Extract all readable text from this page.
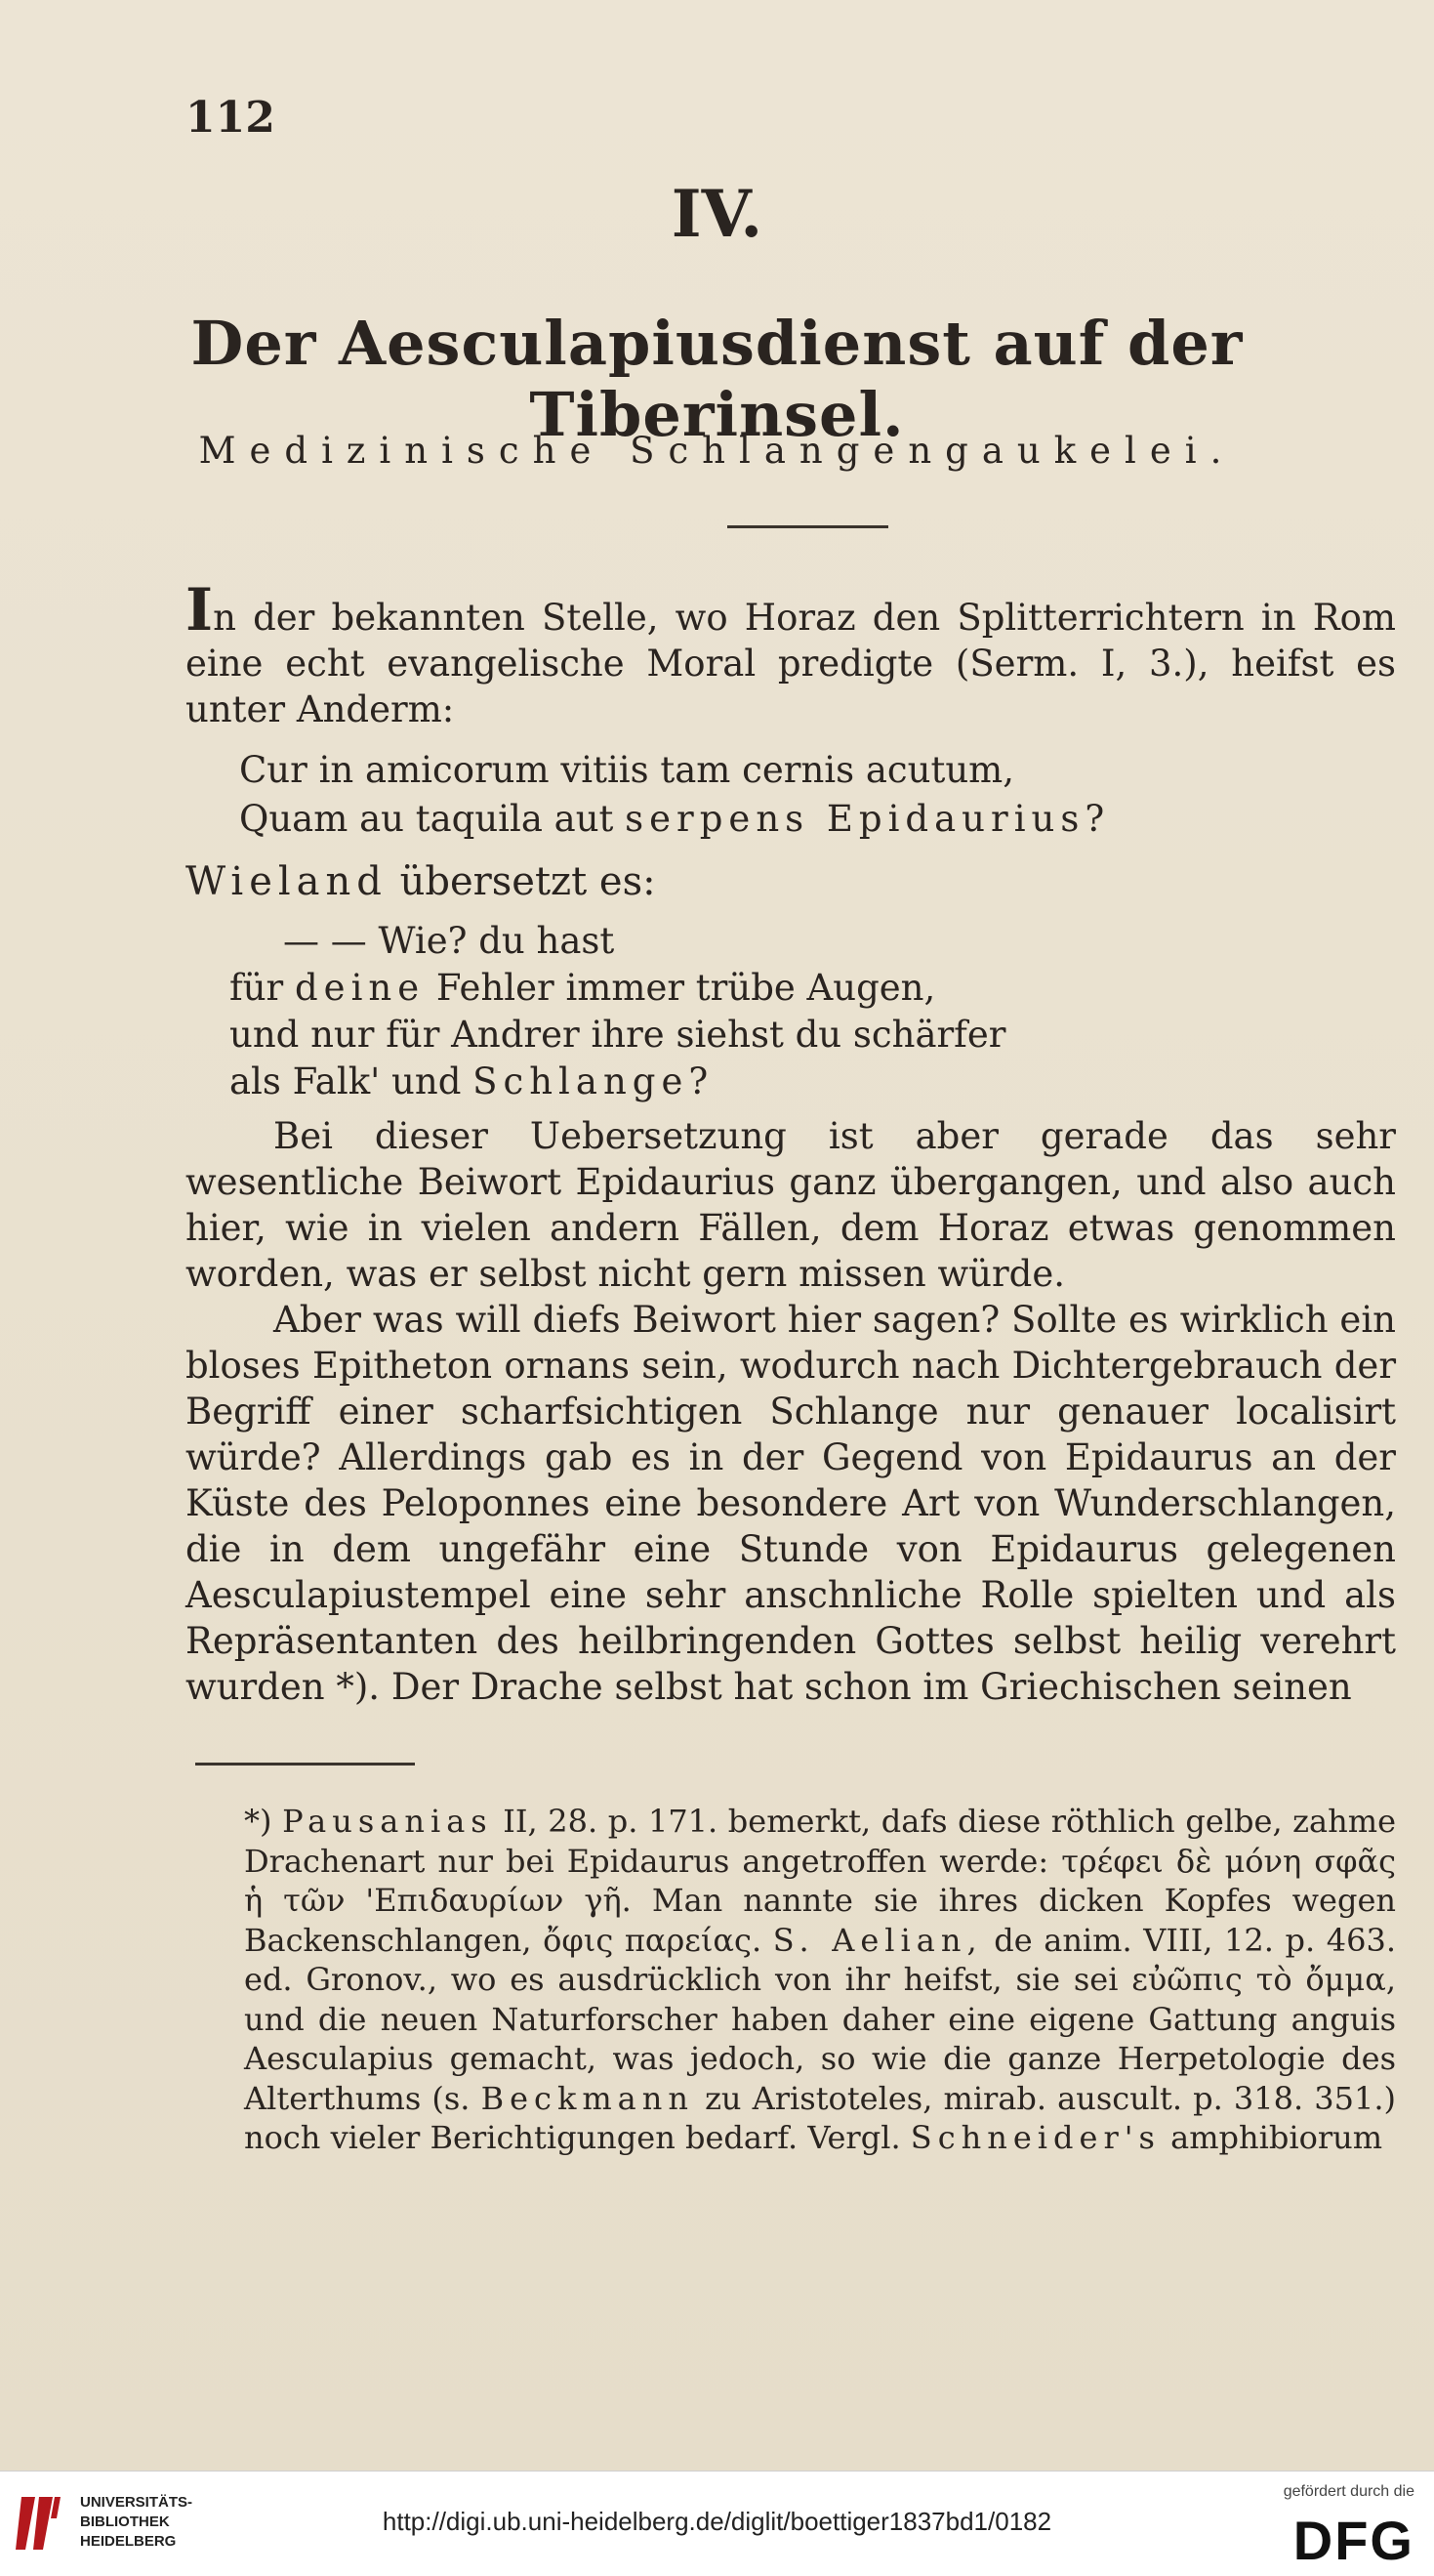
112
IV.
Der Aesculapiusdienst auf der Tiberinsel.
Medizinische Schlangengaukelei.
In der bekannten Stelle, wo Horaz den Splitterrichtern in Rom eine echt evangelische Moral predigte (Serm. I, 3.), heifst es unter Anderm:
Cur in amicorum vitiis tam cernis acutum,
Quam au taquila aut serpens Epidaurius?
Wieland übersetzt es:
— — Wie? du hast
für deine Fehler immer trübe Augen,
und nur für Andrer ihre siehst du schärfer
als Falk' und Schlange?
Bei dieser Uebersetzung ist aber gerade das sehr wesentliche Beiwort Epidaurius ganz übergangen, und also auch hier, wie in vielen andern Fällen, dem Horaz etwas genommen worden, was er selbst nicht gern missen würde.
Aber was will diefs Beiwort hier sagen? Sollte es wirklich ein bloses Epitheton ornans sein, wodurch nach Dichtergebrauch der Begriff einer scharfsichtigen Schlange nur genauer localisirt würde? Allerdings gab es in der Gegend von Epidaurus an der Küste des Peloponnes eine besondere Art von Wunderschlangen, die in dem ungefähr eine Stunde von Epidaurus gelegenen Aesculapiustempel eine sehr anschnliche Rolle spielten und als Repräsentanten des heilbringenden Gottes selbst heilig verehrt wurden *). Der Drache selbst hat schon im Griechischen seinen
*) Pausanias II, 28. p. 171. bemerkt, dafs diese röthlich gelbe, zahme Drachenart nur bei Epidaurus angetroffen werde: τρέφει δὲ μόνη σφᾶς ἡ τῶν 'Επιδαυρίων γῆ. Man nannte sie ihres dicken Kopfes wegen Backenschlangen, ὄφις παρείας. S. Aelian, de anim. VIII, 12. p. 463. ed. Gronov., wo es ausdrücklich von ihr heifst, sie sei εὐῶπις τὸ ὄμμα, und die neuen Naturforscher haben daher eine eigene Gattung anguis Aesculapius gemacht, was jedoch, so wie die ganze Herpetologie des Alterthums (s. Beckmann zu Aristoteles, mirab. auscult. p. 318. 351.) noch vieler Berichtigungen bedarf. Vergl. Schneider's amphibiorum
UNIVERSITÄTS-
BIBLIOTHEK
HEIDELBERG
http://digi.ub.uni-heidelberg.de/diglit/boettiger1837bd1/0182
gefördert durch die
DFG
